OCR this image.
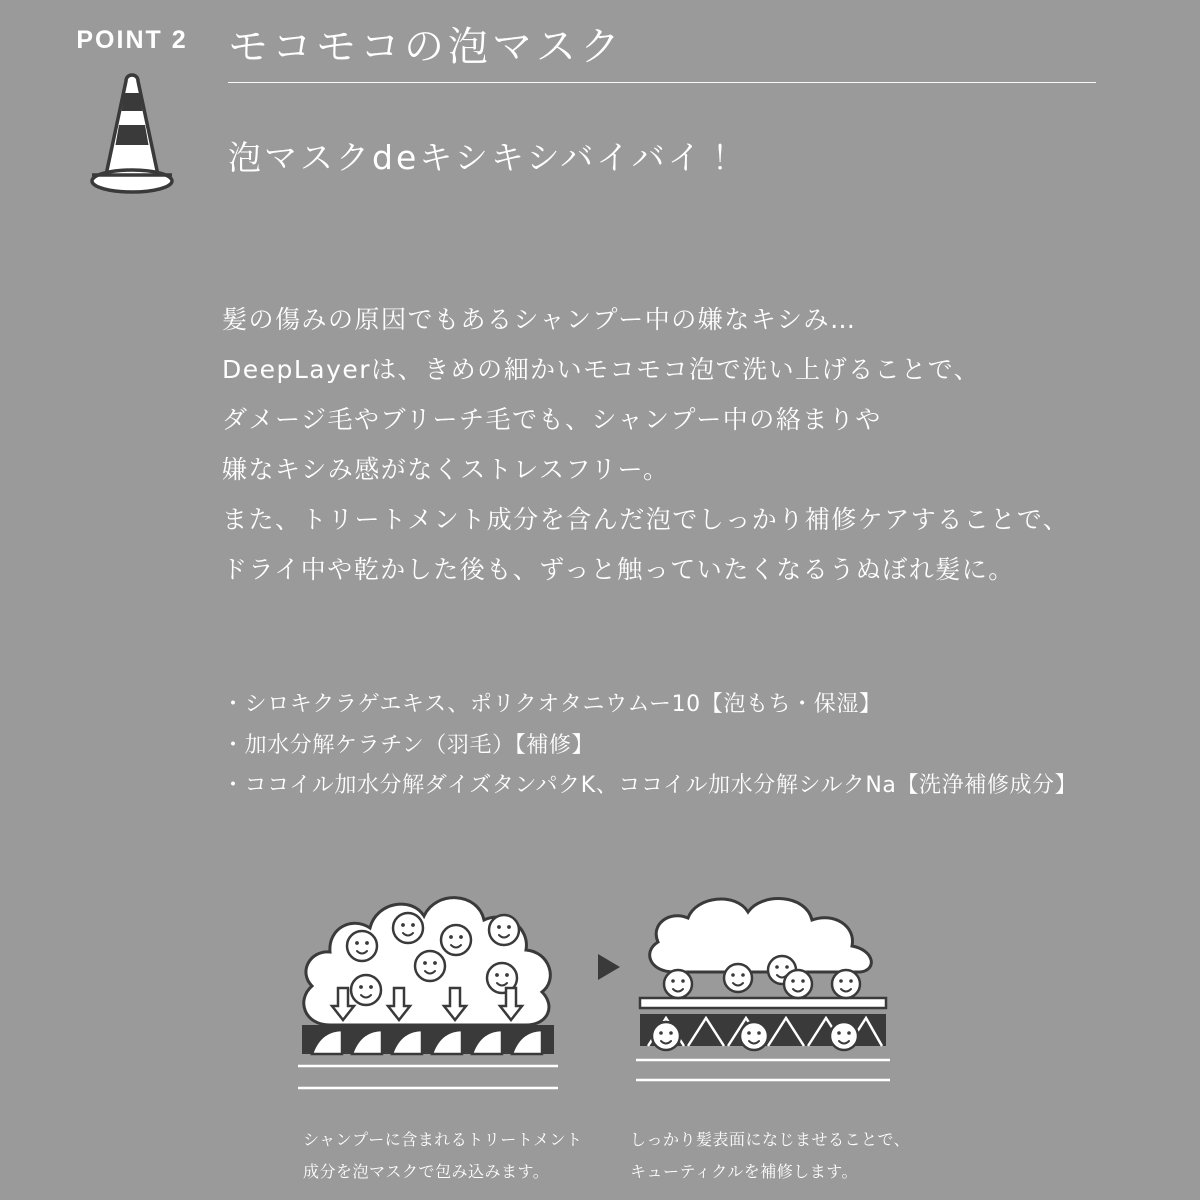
POINT 2	モコモコの泡マスク
泡マスクdeキシキシバイバイ！

髪の傷みの原因でもあるシャンプー中の嫌なキシみ…

DeepLayerは、きめの細かいモコモコ泡で洗い上げることで、

ダメージ毛やブリーチ毛でも、シャンプー中の絡まりや

嫌なキシみ感がなくストレスフリー。

また、トリートメント成分を含んだ泡でしっかり補修ケアすることで、

ドライ中や乾かした後も、ずっと触っていたくなるうぬぼれ髪に。

・シロキクラゲエキス、ポリクオタニウムー10【泡もち・保湿】
・加水分解ケラチン（羽毛）【補修】
・ココイル加水分解ダイズタンパクK、ココイル加水分解シルクNa【洗浄補修成分】
シャンプーに含まれるトリートメント
成分を泡マスクで包み込みます。
しっかり髪表面になじませることで、
キューティクルを補修します。
